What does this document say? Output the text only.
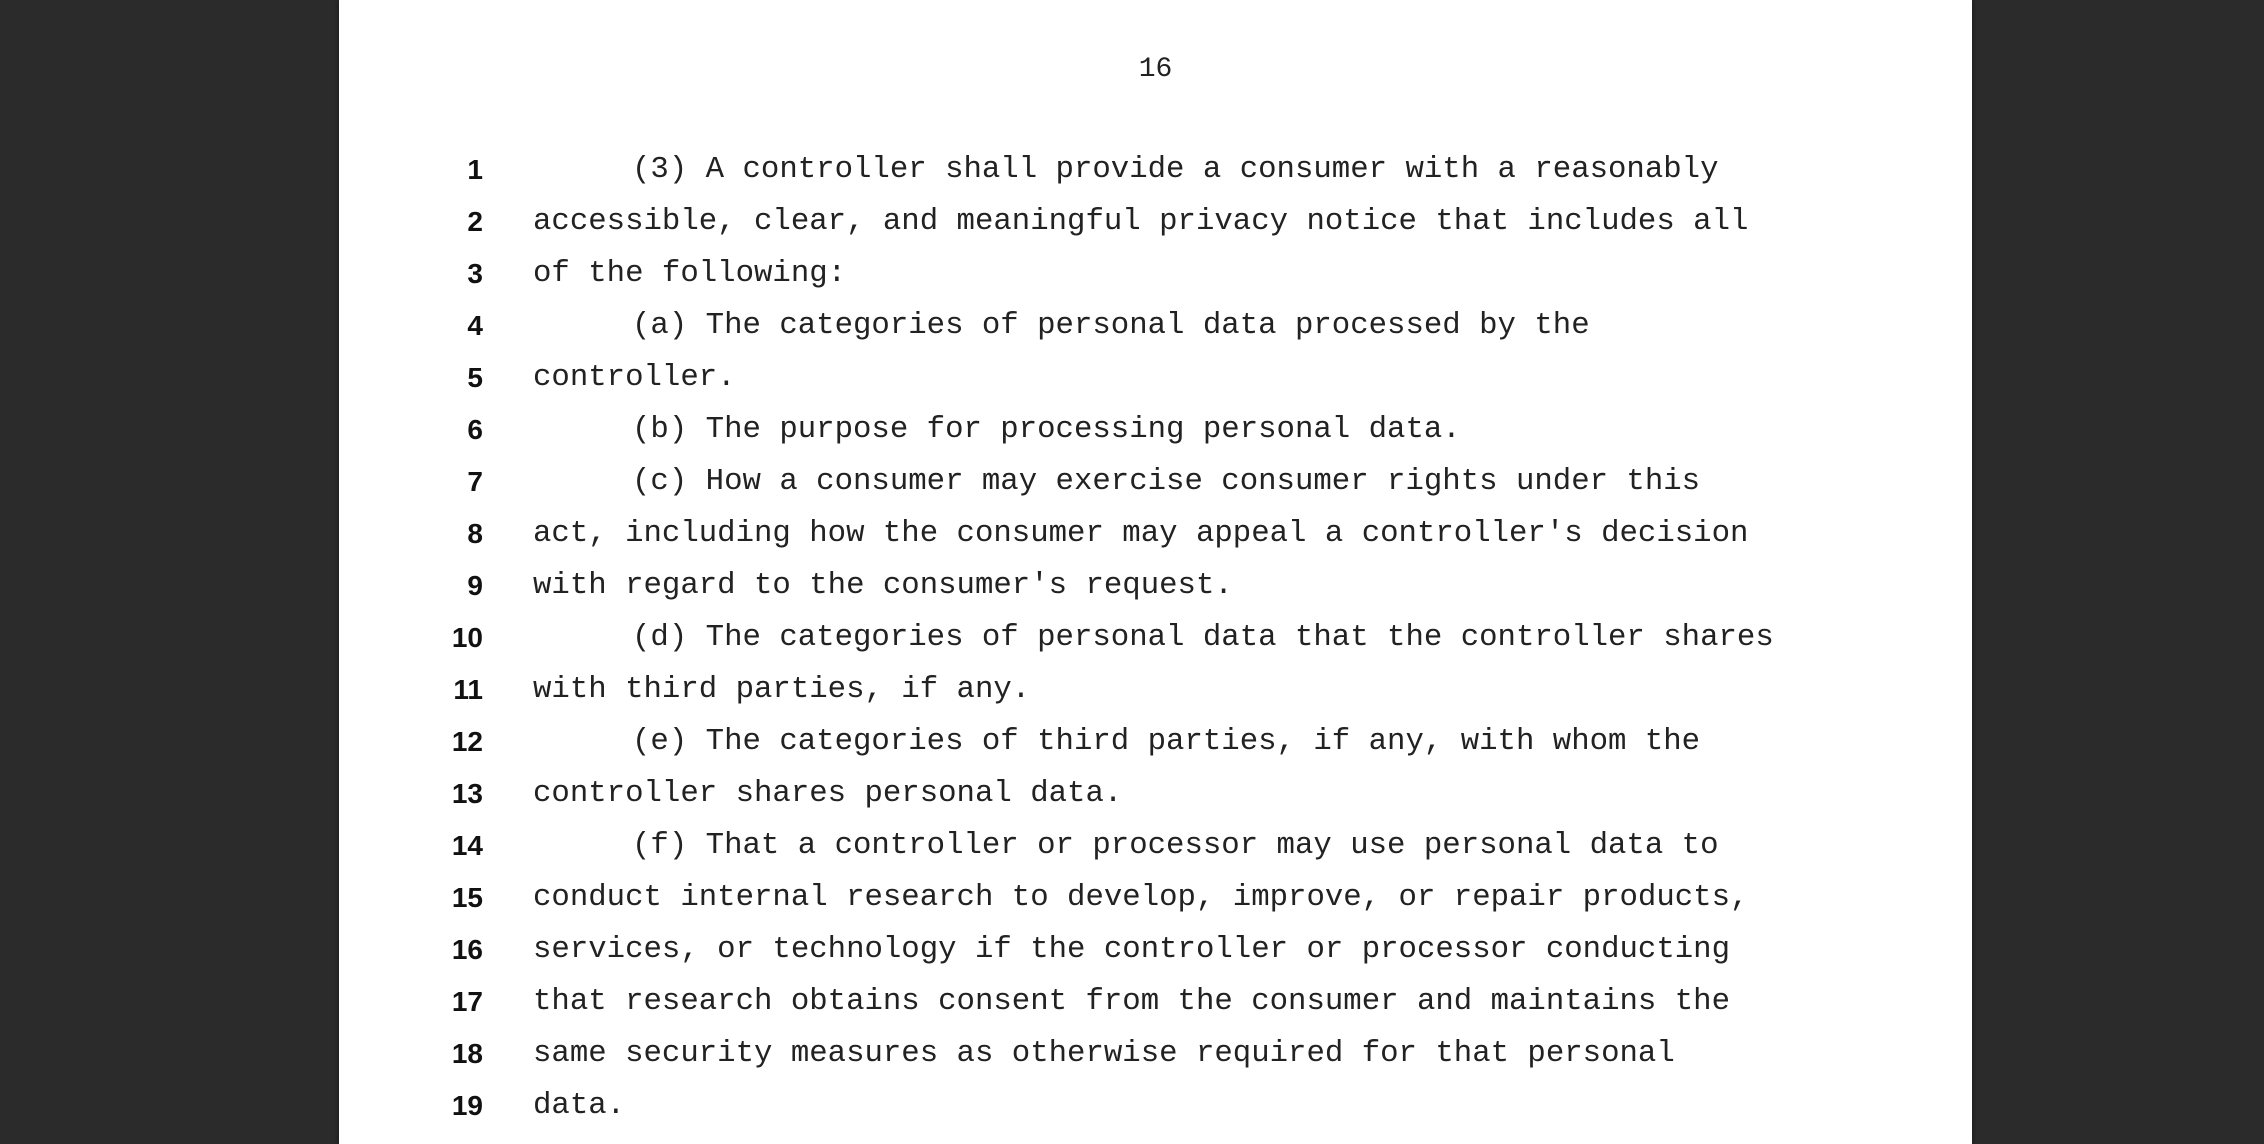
16
1	(3) A controller shall provide a consumer with a reasonably
2 accessible, clear, and meaningful privacy notice that includes all
3 of the following:
4	(a) The categories of personal data processed by the
5 controller.
6	(b) The purpose for processing personal data.
7	(c) How a consumer may exercise consumer rights under this
8 act, including how the consumer may appeal a controller's decision
9 with regard to the consumer's request.
10	(d) The categories of personal data that the controller shares
11 with third parties, if any.
12	(e) The categories of third parties, if any, with whom the
13 controller shares personal data.
14	(f) That a controller or processor may use personal data to
15 conduct internal research to develop, improve, or repair products,
16 services, or technology if the controller or processor conducting
17 that research obtains consent from the consumer and maintains the
18 same security measures as otherwise required for that personal
19 data.
